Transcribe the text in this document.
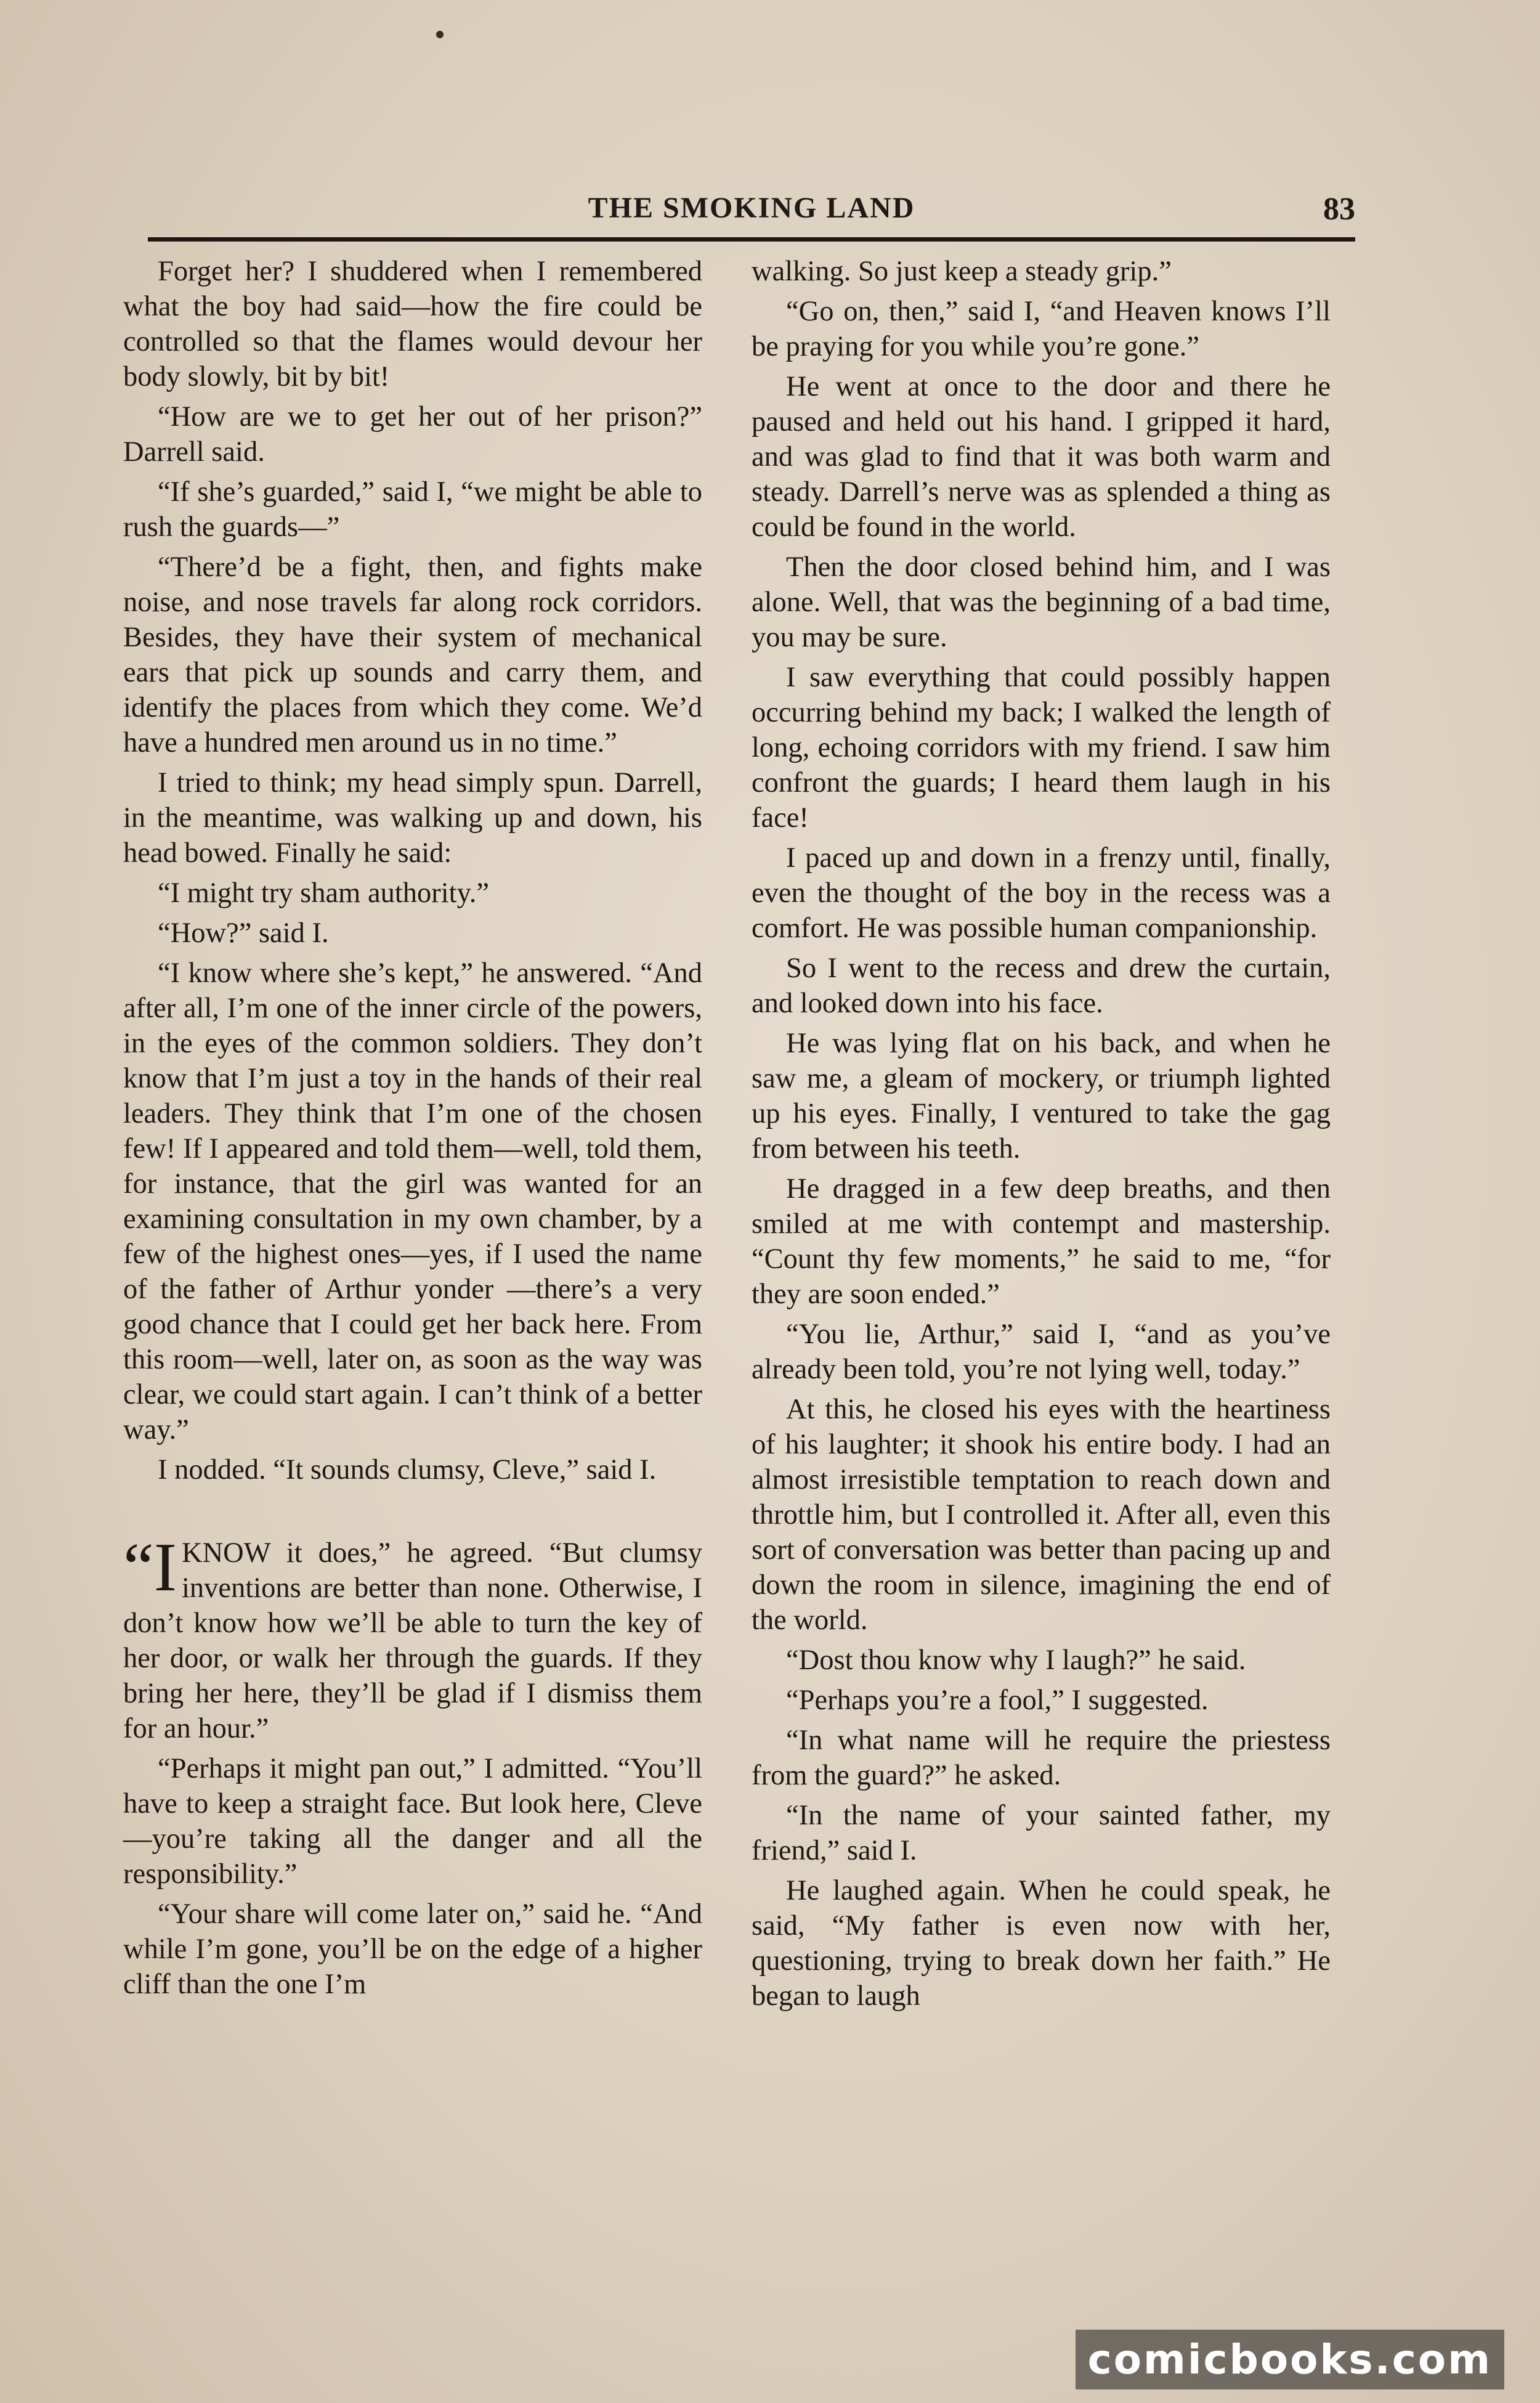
THE SMOKING LAND	83

Forget her? I shuddered when I remembered what the boy had said—how the fire could be controlled so that the flames would devour her body slowly, bit by bit!

“How are we to get her out of her prison?” Darrell said.

“If she’s guarded,” said I, “we might be able to rush the guards—”

“There’d be a fight, then, and fights make noise, and nose travels far along rock corridors. Besides, they have their system of mechanical ears that pick up sounds and carry them, and identify the places from which they come. We’d have a hundred men around us in no time.”

I tried to think; my head simply spun. Darrell, in the meantime, was walking up and down, his head bowed. Finally he said:

“I might try sham authority.”

“How?” said I.

“I know where she’s kept,” he answered. “And after all, I’m one of the inner circle of the powers, in the eyes of the common soldiers. They don’t know that I’m just a toy in the hands of their real leaders. They think that I’m one of the chosen few! If I appeared and told them—well, told them, for instance, that the girl was wanted for an examining consultation in my own chamber, by a few of the highest ones—yes, if I used the name of the father of Arthur yonder —there’s a very good chance that I could get her back here. From this room—well, later on, as soon as the way was clear, we could start again. I can’t think of a better way.”

I nodded. “It sounds clumsy, Cleve,” said I.

“IKNOW it does,” he agreed. “But clumsy inventions are better than none. Otherwise, I don’t know how we’ll be able to turn the key of her door, or walk her through the guards. If they bring her here, they’ll be glad if I dismiss them for an hour.”

“Perhaps it might pan out,” I admitted. “You’ll have to keep a straight face. But look here, Cleve—you’re taking all the danger and all the responsibility.”

“Your share will come later on,” said he. “And while I’m gone, you’ll be on the edge of a higher cliff than the one I’m

walking. So just keep a steady grip.”

“Go on, then,” said I, “and Heaven knows I’ll be praying for you while you’re gone.”

He went at once to the door and there he paused and held out his hand. I gripped it hard, and was glad to find that it was both warm and steady. Darrell’s nerve was as splended a thing as could be found in the world.

Then the door closed behind him, and I was alone. Well, that was the beginning of a bad time, you may be sure.

I saw everything that could possibly happen occurring behind my back; I walked the length of long, echoing corridors with my friend. I saw him confront the guards; I heard them laugh in his face!

I paced up and down in a frenzy until, finally, even the thought of the boy in the recess was a comfort. He was possible human companionship.

So I went to the recess and drew the curtain, and looked down into his face.

He was lying flat on his back, and when he saw me, a gleam of mockery, or triumph lighted up his eyes. Finally, I ventured to take the gag from between his teeth.

He dragged in a few deep breaths, and then smiled at me with contempt and mastership. “Count thy few moments,” he said to me, “for they are soon ended.”

“You lie, Arthur,” said I, “and as you’ve already been told, you’re not lying well, today.”

At this, he closed his eyes with the heartiness of his laughter; it shook his entire body. I had an almost irresistible temptation to reach down and throttle him, but I controlled it. After all, even this sort of conversation was better than pacing up and down the room in silence, imagining the end of the world.

“Dost thou know why I laugh?” he said.

“Perhaps you’re a fool,” I suggested.

“In what name will he require the priestess from the guard?” he asked.

“In the name of your sainted father, my friend,” said I.

He laughed again. When he could speak, he said, “My father is even now with her, questioning, trying to break down her faith.” He began to laugh

comicbooks.com
